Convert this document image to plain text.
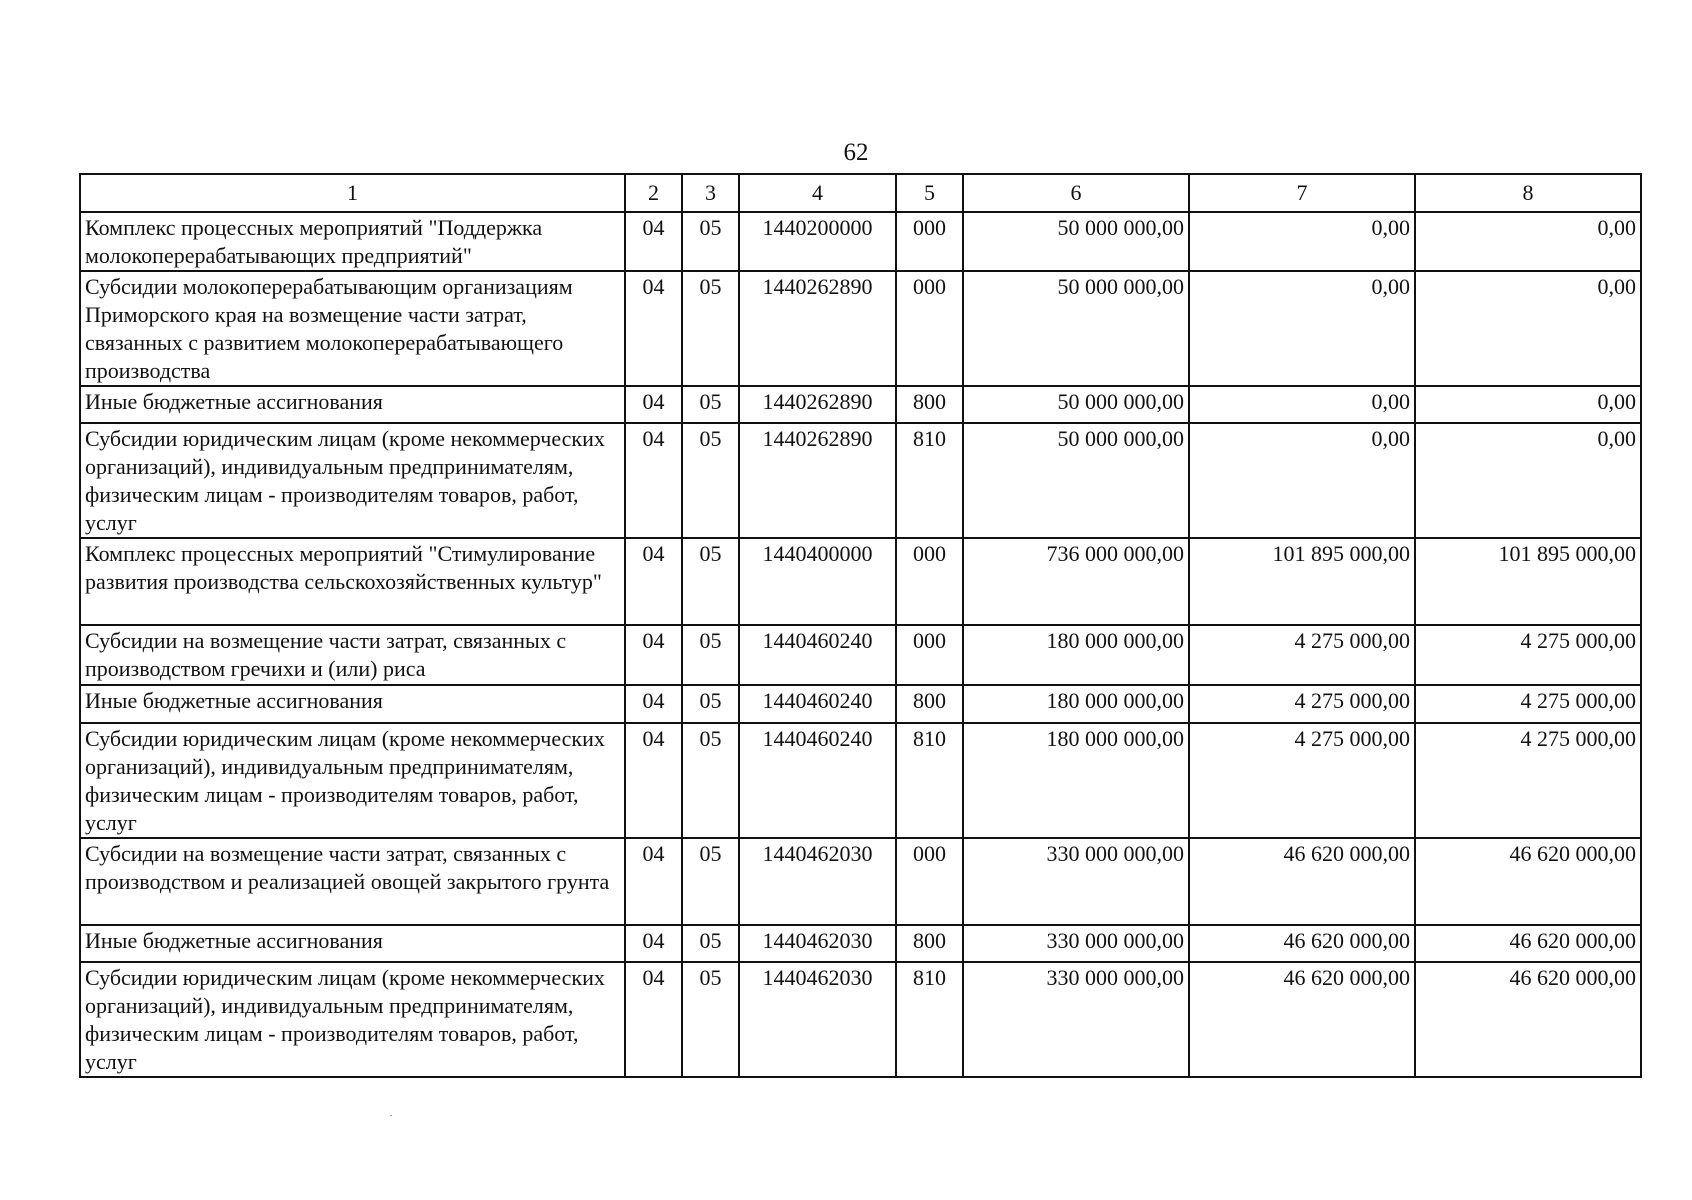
62
1	2	3	4	5	6	7	8
Комплекс процессных мероприятий "Поддержка молокоперерабатывающих предприятий"	04	05	1440200000	000	50 000 000,00	0,00	0,00
Субсидии молокоперерабатывающим организациям Приморского края на возмещение части затрат, связанных с развитием молокоперерабатывающего производства	04	05	1440262890	000	50 000 000,00	0,00	0,00
Иные бюджетные ассигнования	04	05	1440262890	800	50 000 000,00	0,00	0,00
Субсидии юридическим лицам (кроме некоммерческих организаций), индивидуальным предпринимателям, физическим лицам - производителям товаров, работ, услуг	04	05	1440262890	810	50 000 000,00	0,00	0,00
Комплекс процессных мероприятий "Стимулирование развития производства сельскохозяйственных культур"	04	05	1440400000	000	736 000 000,00	101 895 000,00	101 895 000,00
Субсидии на возмещение части затрат, связанных с производством гречихи и (или) риса	04	05	1440460240	000	180 000 000,00	4 275 000,00	4 275 000,00
Иные бюджетные ассигнования	04	05	1440460240	800	180 000 000,00	4 275 000,00	4 275 000,00
Субсидии юридическим лицам (кроме некоммерческих организаций), индивидуальным предпринимателям, физическим лицам - производителям товаров, работ, услуг	04	05	1440460240	810	180 000 000,00	4 275 000,00	4 275 000,00
Субсидии на возмещение части затрат, связанных с производством и реализацией овощей закрытого грунта	04	05	1440462030	000	330 000 000,00	46 620 000,00	46 620 000,00
Иные бюджетные ассигнования	04	05	1440462030	800	330 000 000,00	46 620 000,00	46 620 000,00
Субсидии юридическим лицам (кроме некоммерческих организаций), индивидуальным предпринимателям, физическим лицам - производителям товаров, работ, услуг	04	05	1440462030	810	330 000 000,00	46 620 000,00	46 620 000,00
